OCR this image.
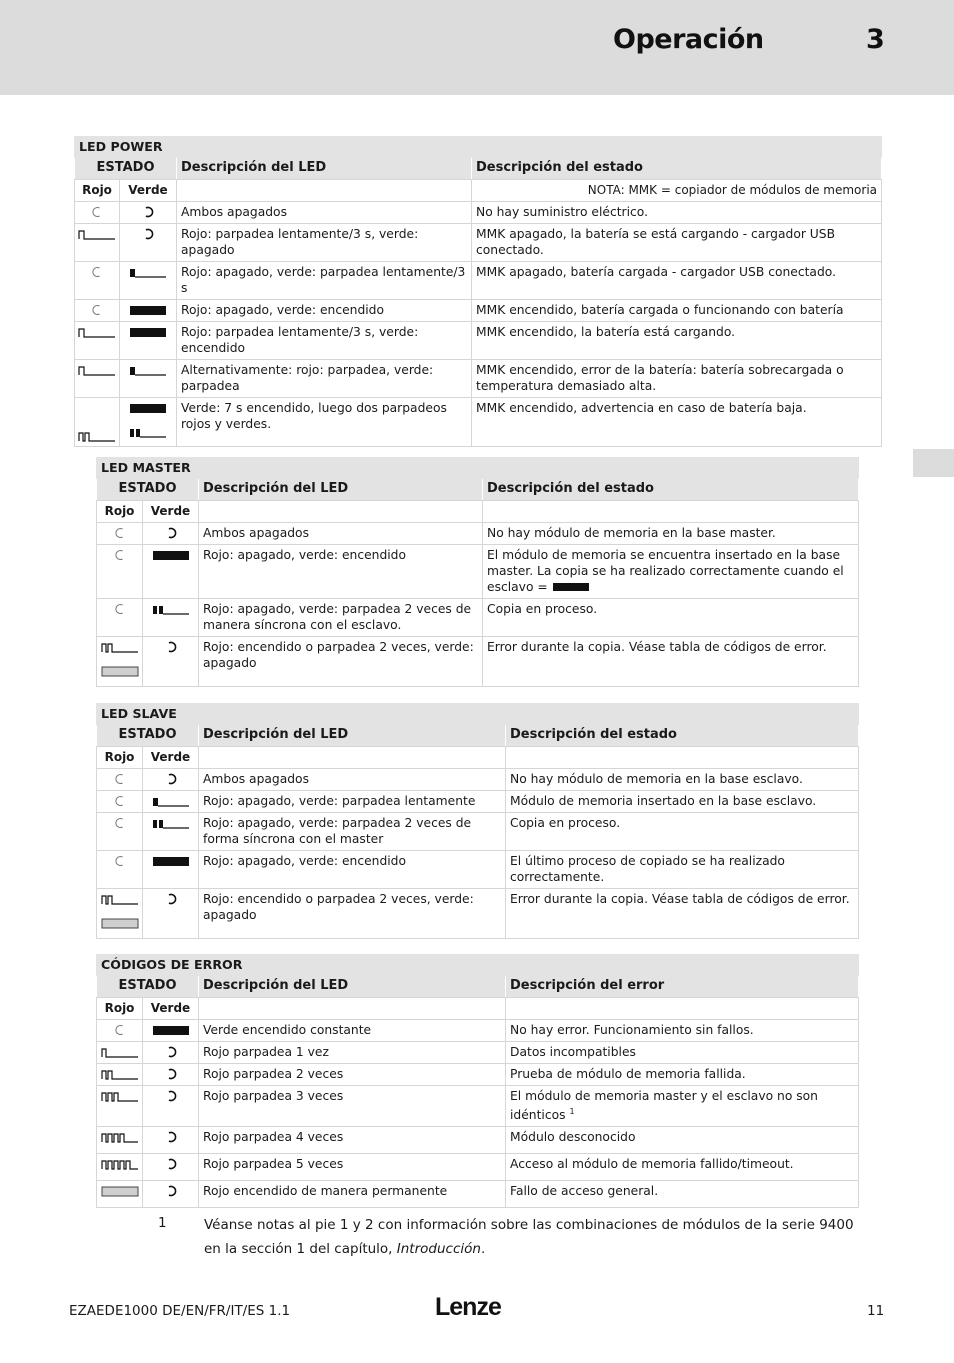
Operación	3
LED POWER			
ESTADO		Descripción del LED	Descripción del estado
Rojo	Verde		NOTA: MMK = copiador de módulos de memoria

	Ambos apagados	No hay suministro eléctrico.

	Rojo: parpadea lentamente/3 s, verde: apagado	MMK apagado, la batería se está cargando - cargador USB conectado.

	Rojo: apagado, verde: parpadea lentamente/3 s	MMK apagado, batería cargada - cargador USB conectado.

	Rojo: apagado, verde: encendido	MMK encendido, batería cargada o funcionando con batería

	Rojo: parpadea lentamente/3 s, verde: encendido	MMK encendido, la batería está cargando.

	Alternativamente: rojo: parpadea, verde: parpadea	MMK encendido, error de la batería: batería sobrecargada o temperatura demasiado alta.

	Verde: 7 s encendido, luego dos parpadeos rojos y verdes.	MMK encendido, advertencia en caso de batería baja.
LED MASTER			
ESTADO		Descripción del LED	Descripción del estado
Rojo	Verde		

	Ambos apagados	No hay módulo de memoria en la base master.

	Rojo: apagado, verde: encendido	El módulo de memoria se encuentra insertado en la base master. La copia se ha realizado correctamente cuando el esclavo =

	Rojo: apagado, verde: parpadea 2 veces de manera síncrona con el esclavo.	Copia en proceso.

	Rojo: encendido o parpadea 2 veces, verde: apagado	Error durante la copia. Véase tabla de códigos de error.
LED SLAVE			
ESTADO		Descripción del LED	Descripción del estado
Rojo	Verde		

	Ambos apagados	No hay módulo de memoria en la base esclavo.

	Rojo: apagado, verde: parpadea lentamente	Módulo de memoria insertado en la base esclavo.

	Rojo: apagado, verde: parpadea 2 veces de forma síncrona con el master	Copia en proceso.

	Rojo: apagado, verde: encendido	El último proceso de copiado se ha realizado correctamente.

	Rojo: encendido o parpadea 2 veces, verde: apagado	Error durante la copia. Véase tabla de códigos de error.
CÓDIGOS DE ERROR			
ESTADO		Descripción del LED	Descripción del error
Rojo	Verde		

	Verde encendido constante	No hay error. Funcionamiento sin fallos.

	Rojo parpadea 1 vez	Datos incompatibles

	Rojo parpadea 2 veces	Prueba de módulo de memoria fallida.

	Rojo parpadea 3 veces	El módulo de memoria master y el esclavo no son idénticos $^1$

	Rojo parpadea 4 veces	Módulo desconocido

	Rojo parpadea 5 veces	Acceso al módulo de memoria fallido/timeout.

	Rojo encendido de manera permanente	Fallo de acceso general.
1	Véanse notas al pie 1 y 2 con información sobre las combinaciones de módulos de la serie 9400 en la sección 1 del capítulo, Introducción.
EZAEDE1000 DE/EN/FR/IT/ES 1.1	Lenze	11
